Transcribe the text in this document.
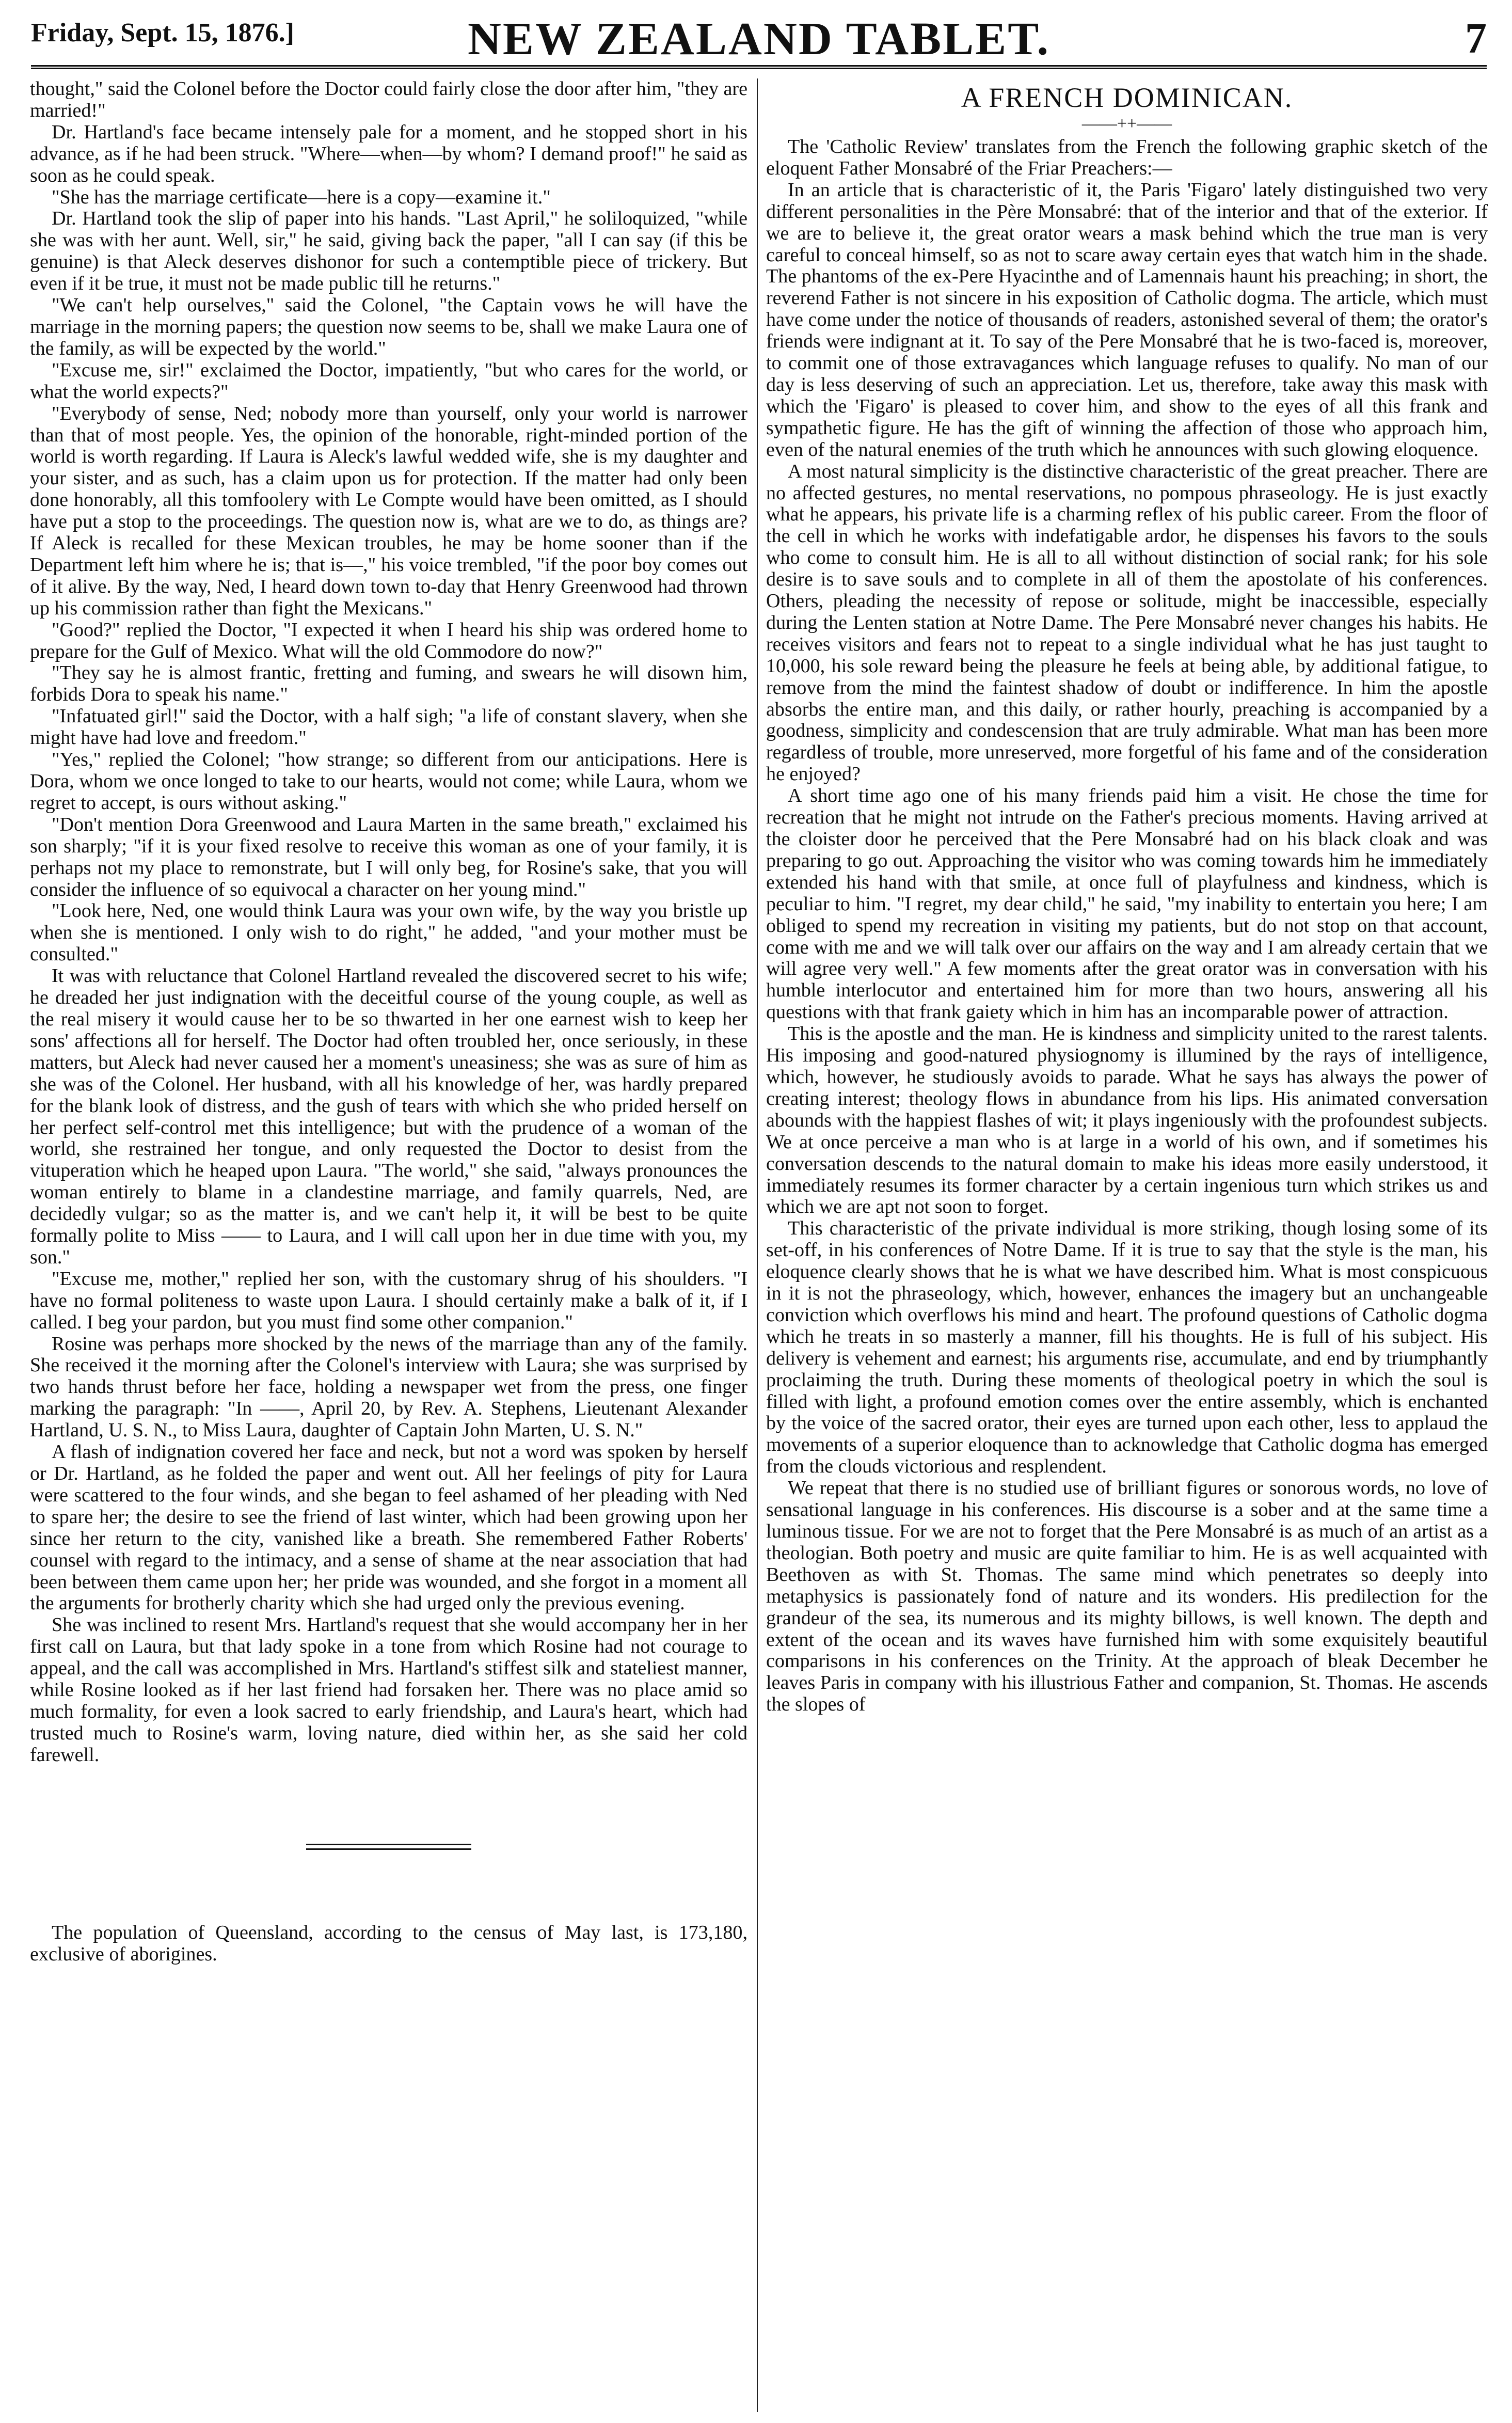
Friday, Sept. 15, 1876.]	NEW ZEALAND TABLET.	7

thought," said the Colonel before the Doctor could fairly close the door after him, "they are married!"

Dr. Hartland's face became intensely pale for a moment, and he stopped short in his advance, as if he had been struck. "Where—when—by whom? I demand proof!" he said as soon as he could speak.

"She has the marriage certificate—here is a copy—examine it."

Dr. Hartland took the slip of paper into his hands. "Last April," he soliloquized, "while she was with her aunt. Well, sir," he said, giving back the paper, "all I can say (if this be genuine) is that Aleck deserves dishonor for such a contemptible piece of trickery. But even if it be true, it must not be made public till he returns."

"We can't help ourselves," said the Colonel, "the Captain vows he will have the marriage in the morning papers; the question now seems to be, shall we make Laura one of the family, as will be expected by the world."

"Excuse me, sir!" exclaimed the Doctor, impatiently, "but who cares for the world, or what the world expects?"

"Everybody of sense, Ned; nobody more than yourself, only your world is narrower than that of most people. Yes, the opinion of the honorable, right-minded portion of the world is worth regarding. If Laura is Aleck's lawful wedded wife, she is my daughter and your sister, and as such, has a claim upon us for protection. If the matter had only been done honorably, all this tomfoolery with Le Compte would have been omitted, as I should have put a stop to the proceedings. The question now is, what are we to do, as things are? If Aleck is recalled for these Mexican troubles, he may be home sooner than if the Department left him where he is; that is—," his voice trembled, "if the poor boy comes out of it alive. By the way, Ned, I heard down town to-day that Henry Greenwood had thrown up his commission rather than fight the Mexicans."

"Good?" replied the Doctor, "I expected it when I heard his ship was ordered home to prepare for the Gulf of Mexico. What will the old Commodore do now?"

"They say he is almost frantic, fretting and fuming, and swears he will disown him, forbids Dora to speak his name."

"Infatuated girl!" said the Doctor, with a half sigh; "a life of constant slavery, when she might have had love and freedom."

"Yes," replied the Colonel; "how strange; so different from our anticipations. Here is Dora, whom we once longed to take to our hearts, would not come; while Laura, whom we regret to accept, is ours without asking."

"Don't mention Dora Greenwood and Laura Marten in the same breath," exclaimed his son sharply; "if it is your fixed resolve to receive this woman as one of your family, it is perhaps not my place to remonstrate, but I will only beg, for Rosine's sake, that you will consider the influence of so equivocal a character on her young mind."

"Look here, Ned, one would think Laura was your own wife, by the way you bristle up when she is mentioned. I only wish to do right," he added, "and your mother must be consulted."

It was with reluctance that Colonel Hartland revealed the discovered secret to his wife; he dreaded her just indignation with the deceitful course of the young couple, as well as the real misery it would cause her to be so thwarted in her one earnest wish to keep her sons' affections all for herself. The Doctor had often troubled her, once seriously, in these matters, but Aleck had never caused her a moment's uneasiness; she was as sure of him as she was of the Colonel. Her husband, with all his knowledge of her, was hardly prepared for the blank look of distress, and the gush of tears with which she who prided herself on her perfect self-control met this intelligence; but with the prudence of a woman of the world, she restrained her tongue, and only requested the Doctor to desist from the vituperation which he heaped upon Laura. "The world," she said, "always pronounces the woman entirely to blame in a clandestine marriage, and family quarrels, Ned, are decidedly vulgar; so as the matter is, and we can't help it, it will be best to be quite formally polite to Miss —— to Laura, and I will call upon her in due time with you, my son."

"Excuse me, mother," replied her son, with the customary shrug of his shoulders. "I have no formal politeness to waste upon Laura. I should certainly make a balk of it, if I called. I beg your pardon, but you must find some other companion."

Rosine was perhaps more shocked by the news of the marriage than any of the family. She received it the morning after the Colonel's interview with Laura; she was surprised by two hands thrust before her face, holding a newspaper wet from the press, one finger marking the paragraph: "In ——, April 20, by Rev. A. Stephens, Lieutenant Alexander Hartland, U. S. N., to Miss Laura, daughter of Captain John Marten, U. S. N."

A flash of indignation covered her face and neck, but not a word was spoken by herself or Dr. Hartland, as he folded the paper and went out. All her feelings of pity for Laura were scattered to the four winds, and she began to feel ashamed of her pleading with Ned to spare her; the desire to see the friend of last winter, which had been growing upon her since her return to the city, vanished like a breath. She remembered Father Roberts' counsel with regard to the intimacy, and a sense of shame at the near association that had been between them came upon her; her pride was wounded, and she forgot in a moment all the arguments for brotherly charity which she had urged only the previous evening.

She was inclined to resent Mrs. Hartland's request that she would accompany her in her first call on Laura, but that lady spoke in a tone from which Rosine had not courage to appeal, and the call was accomplished in Mrs. Hartland's stiffest silk and stateliest manner, while Rosine looked as if her last friend had forsaken her. There was no place amid so much formality, for even a look sacred to early friendship, and Laura's heart, which had trusted much to Rosine's warm, loving nature, died within her, as she said her cold farewell.

The population of Queensland, according to the census of May last, is 173,180, exclusive of aborigines.

A FRENCH DOMINICAN.
——++——

The 'Catholic Review' translates from the French the following graphic sketch of the eloquent Father Monsabré of the Friar Preachers:—

In an article that is characteristic of it, the Paris 'Figaro' lately distinguished two very different personalities in the Père Monsabré: that of the interior and that of the exterior. If we are to believe it, the great orator wears a mask behind which the true man is very careful to conceal himself, so as not to scare away certain eyes that watch him in the shade. The phantoms of the ex-Pere Hyacinthe and of Lamennais haunt his preaching; in short, the reverend Father is not sincere in his exposition of Catholic dogma. The article, which must have come under the notice of thousands of readers, astonished several of them; the orator's friends were indignant at it. To say of the Pere Monsabré that he is two-faced is, moreover, to commit one of those extravagances which language refuses to qualify. No man of our day is less deserving of such an appreciation. Let us, therefore, take away this mask with which the 'Figaro' is pleased to cover him, and show to the eyes of all this frank and sympathetic figure. He has the gift of winning the affection of those who approach him, even of the natural enemies of the truth which he announces with such glowing eloquence.

A most natural simplicity is the distinctive characteristic of the great preacher. There are no affected gestures, no mental reservations, no pompous phraseology. He is just exactly what he appears, his private life is a charming reflex of his public career. From the floor of the cell in which he works with indefatigable ardor, he dispenses his favors to the souls who come to consult him. He is all to all without distinction of social rank; for his sole desire is to save souls and to complete in all of them the apostolate of his conferences. Others, pleading the necessity of repose or solitude, might be inaccessible, especially during the Lenten station at Notre Dame. The Pere Monsabré never changes his habits. He receives visitors and fears not to repeat to a single individual what he has just taught to 10,000, his sole reward being the pleasure he feels at being able, by additional fatigue, to remove from the mind the faintest shadow of doubt or indifference. In him the apostle absorbs the entire man, and this daily, or rather hourly, preaching is accompanied by a goodness, simplicity and condescension that are truly admirable. What man has been more regardless of trouble, more unreserved, more forgetful of his fame and of the consideration he enjoyed?

A short time ago one of his many friends paid him a visit. He chose the time for recreation that he might not intrude on the Father's precious moments. Having arrived at the cloister door he perceived that the Pere Monsabré had on his black cloak and was preparing to go out. Approaching the visitor who was coming towards him he immediately extended his hand with that smile, at once full of playfulness and kindness, which is peculiar to him. "I regret, my dear child," he said, "my inability to entertain you here; I am obliged to spend my recreation in visiting my patients, but do not stop on that account, come with me and we will talk over our affairs on the way and I am already certain that we will agree very well." A few moments after the great orator was in conversation with his humble interlocutor and entertained him for more than two hours, answering all his questions with that frank gaiety which in him has an incomparable power of attraction.

This is the apostle and the man. He is kindness and simplicity united to the rarest talents. His imposing and good-natured physiognomy is illumined by the rays of intelligence, which, however, he studiously avoids to parade. What he says has always the power of creating interest; theology flows in abundance from his lips. His animated conversation abounds with the happiest flashes of wit; it plays ingeniously with the profoundest subjects. We at once perceive a man who is at large in a world of his own, and if sometimes his conversation descends to the natural domain to make his ideas more easily understood, it immediately resumes its former character by a certain ingenious turn which strikes us and which we are apt not soon to forget.

This characteristic of the private individual is more striking, though losing some of its set-off, in his conferences of Notre Dame. If it is true to say that the style is the man, his eloquence clearly shows that he is what we have described him. What is most conspicuous in it is not the phraseology, which, however, enhances the imagery but an unchangeable conviction which overflows his mind and heart. The profound questions of Catholic dogma which he treats in so masterly a manner, fill his thoughts. He is full of his subject. His delivery is vehement and earnest; his arguments rise, accumulate, and end by triumphantly proclaiming the truth. During these moments of theological poetry in which the soul is filled with light, a profound emotion comes over the entire assembly, which is enchanted by the voice of the sacred orator, their eyes are turned upon each other, less to applaud the movements of a superior eloquence than to acknowledge that Catholic dogma has emerged from the clouds victorious and resplendent.

We repeat that there is no studied use of brilliant figures or sonorous words, no love of sensational language in his conferences. His discourse is a sober and at the same time a luminous tissue. For we are not to forget that the Pere Monsabré is as much of an artist as a theologian. Both poetry and music are quite familiar to him. He is as well acquainted with Beethoven as with St. Thomas. The same mind which penetrates so deeply into metaphysics is passionately fond of nature and its wonders. His predilection for the grandeur of the sea, its numerous and its mighty billows, is well known. The depth and extent of the ocean and its waves have furnished him with some exquisitely beautiful comparisons in his conferences on the Trinity. At the approach of bleak December he leaves Paris in company with his illustrious Father and companion, St. Thomas. He ascends the slopes of
